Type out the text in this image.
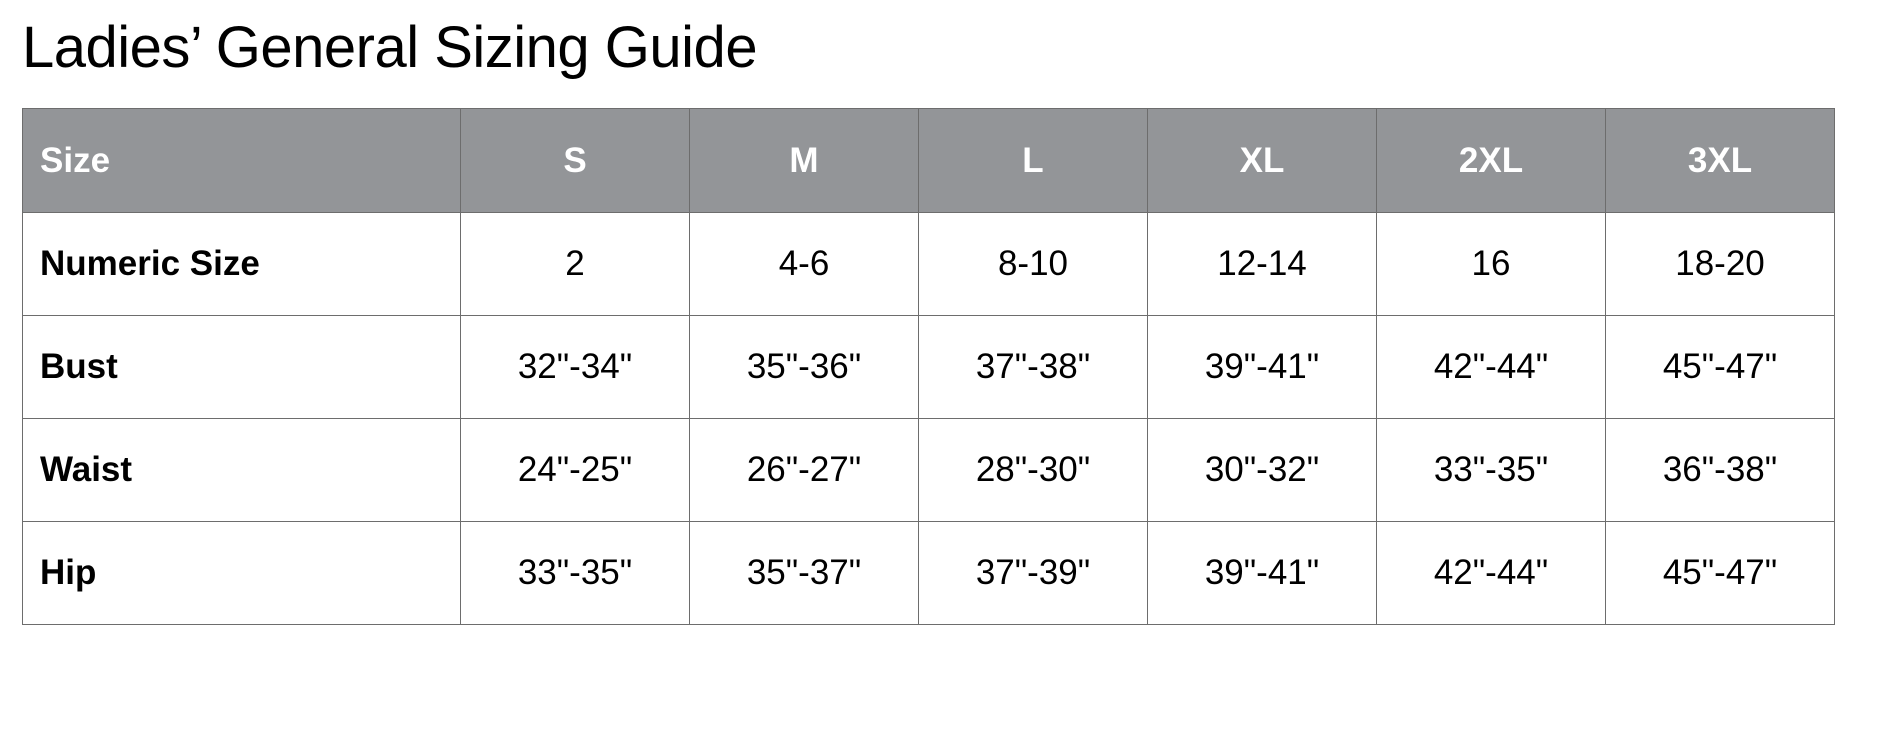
Ladies’ General Sizing Guide
Size	S	M	L	XL	2XL	3XL
Numeric Size	2	4-6	8-10	12-14	16	18-20
Bust	32"-34"	35"-36"	37"-38"	39"-41"	42"-44"	45"-47"
Waist	24"-25"	26"-27"	28"-30"	30"-32"	33"-35"	36"-38"
Hip	33"-35"	35"-37"	37"-39"	39"-41"	42"-44"	45"-47"
